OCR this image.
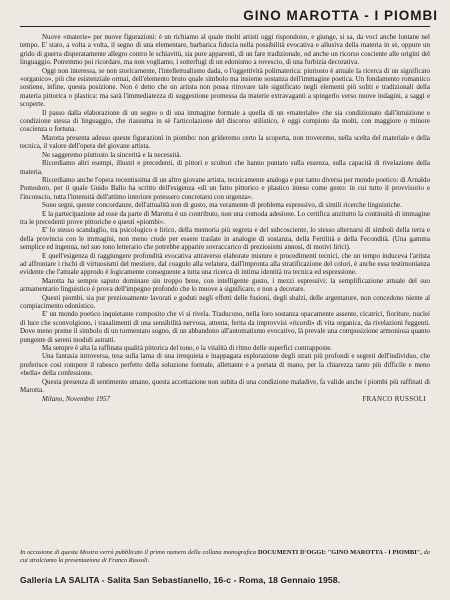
GINO MAROTTA - I PIOMBI

Nuove «materie» per nuove figurazioni: è un richiamo al quale molti artisti oggi rispondono, e giunge, si sa, da voci anche lontane nel tempo. E' stato, a volta a volta, il segno di una elementare, barbarica fiducia nella possibilità evocativa e allusiva della materia in sè, oppure un grido di guerra disperatamente allegro contro le schiavitù, sia pure apparenti, di un fare tradizionale, od anche un ricorso cosciente alle origini del linguaggio. Potremmo poi ricordare, ma non vogliamo, i sotterfugi di un edonismo a rovescio, di una furbizia decorativa.

Oggi non interessa, se non storicamente, l'intellettualismo dada, o l'oggettività polimaterica: piuttosto è attuale la ricerca di un significato «organico», più che esistenziale ormai, dell'elemento bruto quale simbolo ma insieme sostanza dell'immagine poetica. Un fondamento romantico sostiene, infine, questa posizione. Non è detto che un artista non possa ritrovare tale significato negli elementi più soliti e tradizionali della materia pittorica o plastica: ma sarà l'immediatezza di suggestione promessa da materie extravaganti a spingerlo verso nuove indagini, a saggi e scoperte.

Il passo dalla elaborazione di un segno o di una immagine formale a quella di un «materiale» che sia condizionato dall'intuizione e condizione stessa di linguaggio, che riassuma in sè l'articolazione del discorso stilistico, è oggi compiuto da molti, con maggiore o minore coscienza o fortuna.

Marotta presenta adesso queste figurazioni in piombo: non grideremo certo la scoperta, non troveremo, nella scelta del materiale e della tecnica, il valore dell'opera del giovane artista.

Ne saggeremo piuttosto la sincerità e la necessità.

Ricordiamo altri esempi, illustri e precedenti, di pittori e scultori che hanno puntato sulla essenza, sulla capacità di rivelazione della materia.

Ricordiamo anche l'opera recentissima di un altro giovane artista, tecnicamente analoga e pur tanto diversa per mondo poetico: di Arnaldo Pomodoro, per il quale Guido Ballo ha scritto dell'esigenza «di un fatto pittorico e plastico inteso come gesto: in cui tutto il provvisorio e l'inconscio, tutta l'intensità dell'attimo interiore potessero concretarsi con urgenza».

Sono segni, queste concordanze, dell'attualità non di gusto, ma veramente di problema espressivo, di simili ricerche linguistiche.

E la partecipazione ad esse da parte di Marotta è un contributo, non una comoda adesione. Lo certifica anzitutto la continuità di immagine tra le precedenti prove pittoriche e questi «piombi».

E' lo stesso scandaglio, tra psicologico e lirico, della memoria più segreta e del subcosciente, lo stesso alternarsi di simboli della terra e della provincia con le immagini, non meno crude per essere traslate in analogie di sostanza, della Fertilità e della Fecondità. (Una gamma semplice ed ingenua, nel suo tono letterario che potrebbe apparire sovraccarico di preziosismi annosi, di motivi lirici).

E quell'esigenza di raggiungere profondità evocativa attraverso elaborate misture e procedimenti tecnici, che un tempo induceva l'artista ad affrontare i rischi di virtuosismi del mestiere, dal coagulo alla velatura, dall'impronta alla stratificazione del colori, è anche essa testimonianza evidente che l'attuale approdo è logicamente conseguente a tutta una ricerca di intima identità tra tecnica ed espressione.

Marotta ha sempre saputo dominare sin troppo bene, con intelligente gusto, i mezzi espressivi: la semplificazione attuale del suo armamentario linguistico è prova dell'impegno profondo che lo muove a significare, e non a decorare.

Questi piombi, sia pur preziosamente lavorati e goduti negli effetti delle fusioni, degli sbalzi, delle argentature, non concedono niente al compiacimento edonistico.

E' un mondo poetico inquietante composito che vi si rivela. Traducono, nella loro sostanza opacamente assente, cicatrici, fioriture, nuclei di luce che sconvolgiono, i trasalimenti di una sensibilità nervosa, attenta, ferita da improvvisi «ricordi» di vita organica, da rivelazioni fuggenti. Dove meno preme il simbolo di un tormentato sogno, di un abbandono all'automatismo evocativo, là prevale una composizione armoniosa quanto pungente di sereni moduli astratti.

Ma sempre è alta la raffinata qualità pittorica del tono, e la vitalità di ritmo delle superfici contrapposte.

Una fantasia introversa, tesa sulla lama di una irrequieta e inappagata esplorazione degli strati più profondi e segreti dell'individuo, che preferisce così rompere il rabesco perfetto della soluzione formale, allettante e a portata di mano, per la chiarezza tanto più difficile e meno «bella» della confessione.

Questa presenza di sentimento umano, questa accettazione non subita di una condizione maladive, fa valide anche i piombi più raffinati di Marotta.

Milano, Novembre 1957	FRANCO RUSSOLI
In occasione di questa Mostra verrà pubblicato il primo numero della collana monografica DOCUMENTI D'OGGI: "GINO MAROTTA - I PIOMBI", da cui stralciamo la presentazione di Franco Russoli.
Galleria LA SALITA - Salita San Sebastianello, 16-c - Roma, 18 Gennaio 1958.
